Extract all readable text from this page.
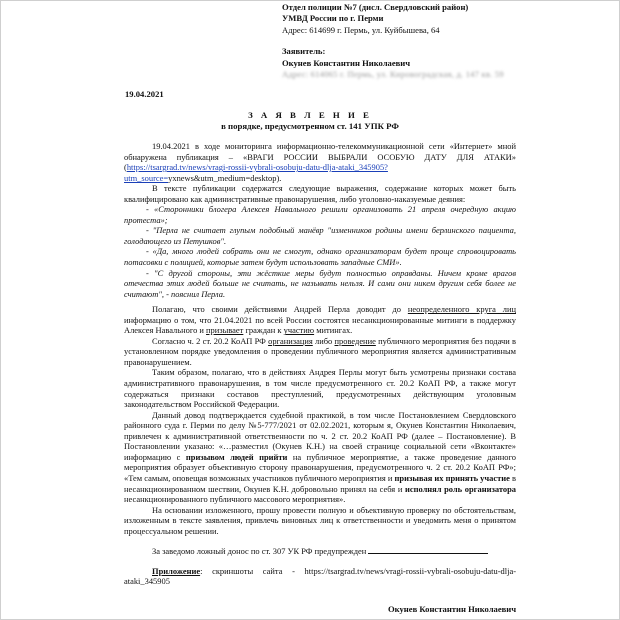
Отдел полиции №7 (дисл. Свердловский район)
УМВД России по г. Перми
Адрес: 614699 г. Пермь, ул. Куйбышева, 64
Заявитель:
Окунев Константин Николаевич
Адрес: 614065 г. Пермь, ул. Кировоградская, д. 147 кв. 59
19.04.2021
З А Я В Л Е Н И Е
в порядке, предусмотренном ст. 141 УПК РФ

19.04.2021 в ходе мониторинга информационно-телекоммуникационной сети «Интернет» мной обнаружена публикация – «ВРАГИ РОССИИ ВЫБРАЛИ ОСОБУЮ ДАТУ ДЛЯ АТАКИ» (https://tsargrad.tv/news/vragi-rossii-vybrali-osobuju-datu-dlja-ataki_345905?utm_source=yxnews&utm_medium=desktop).

В тексте публикации содержатся следующие выражения, содержание которых может быть квалифицировано как административные правонарушения, либо уголовно-наказуемые деяния:

- «Сторонники блогера Алексея Навального решили организовать 21 апреля очередную акцию протеста»;

- "Перла не считает глупым подобный манёвр "изменников родины имени берлинского пациента, голодающего из Петушков".

- «Да, много людей собрать они не смогут, однако организаторам будет проще спровоцировать потасовки с полицией, которые затем будут использовать западные СМИ».

- "С другой стороны, эти жёсткие меры будут полностью оправданы. Ничем кроме врагов отечества этих людей больше не считать, не называть нельзя. И сами они никем другим себя более не считают", - пояснил Перла.

Полагаю, что своими действиями Андрей Перла доводит до неопределенного круга лиц информацию о том, что 21.04.2021 по всей России состоятся несанкционированные митинги в поддержку Алексея Навального и призывает граждан к участию митингах.

Согласно ч. 2 ст. 20.2 КоАП РФ организация либо проведение публичного мероприятия без подачи в установленном порядке уведомления о проведении публичного мероприятия является административным правонарушением.

Таким образом, полагаю, что в действиях Андрея Перлы могут быть усмотрены признаки состава административного правонарушения, в том числе предусмотренного ст. 20.2 КоАП РФ, а также могут содержаться признаки составов преступлений, предусмотренных действующим уголовным законодательством Российской Федерации.

Данный довод подтверждается судебной практикой, в том числе Постановлением Свердловского районного суда г. Перми по делу №5-777/2021 от 02.02.2021, которым я, Окунев Константин Николаевич, привлечен к административной ответственности по ч. 2 ст. 20.2 КоАП РФ (далее – Постановление). В Постановлении указано: «…разместил (Окунев К.Н.) на своей странице социальной сети «Вконтакте» информацию с призывом людей прийти на публичное мероприятие, а также проведение данного мероприятия образует объективную сторону правонарушения, предусмотренного ч. 2 ст. 20.2 КоАП РФ»; «Тем самым, оповещая возможных участников публичного мероприятия и призывая их принять участие в несанкционированном шествии, Окунев К.Н. добровольно принял на себя и исполнял роль организатора несанкционированного публичного массового мероприятия».

На основании изложенного, прошу провести полную и объективную проверку по обстоятельствам, изложенным в тексте заявления, привлечь виновных лиц к ответственности и уведомить меня о принятом процессуальном решении.

За заведомо ложный донос по ст. 307 УК РФ предупрежден

Приложение: скриншоты сайта - https://tsargrad.tv/news/vragi-rossii-vybrali-osobuju-datu-dlja-ataki_345905

Окунев Константин Николаевич
